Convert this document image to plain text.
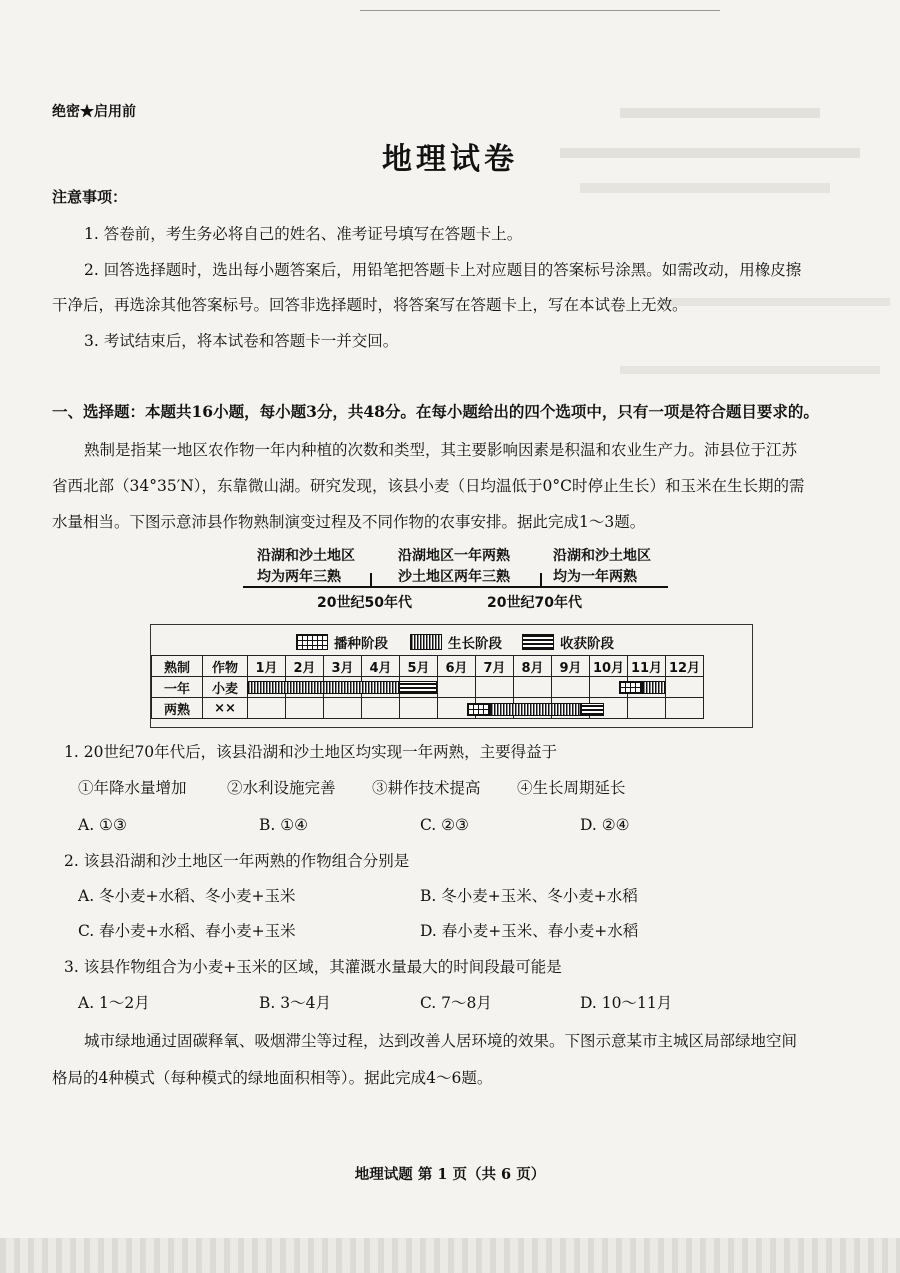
绝密★启用前
地理试卷
注意事项：
1. 答卷前，考生务必将自己的姓名、准考证号填写在答题卡上。
2. 回答选择题时，选出每小题答案后，用铅笔把答题卡上对应题目的答案标号涂黑。如需改动，用橡皮擦
干净后，再选涂其他答案标号。回答非选择题时，将答案写在答题卡上，写在本试卷上无效。
3. 考试结束后，将本试卷和答题卡一并交回。
一、选择题：本题共16小题，每小题3分，共48分。在每小题给出的四个选项中，只有一项是符合题目要求的。
熟制是指某一地区农作物一年内种植的次数和类型，其主要影响因素是积温和农业生产力。沛县位于江苏
省西北部（34°35′N），东靠微山湖。研究发现，该县小麦（日均温低于0°C时停止生长）和玉米在生长期的需
水量相当。下图示意沛县作物熟制演变过程及不同作物的农事安排。据此完成1～3题。
沿湖和沙土地区
均为两年三熟
沿湖地区一年两熟
沙土地区两年三熟
沿湖和沙土地区
均为一年两熟
20世纪50年代	20世纪70年代
播种阶段	生长阶段	收获阶段
熟制	作物	1月	2月	3月	4月	5月	6月	7月	8月	9月	10月	11月	12月
一年	小麦												
两熟	××												
1. 20世纪70年代后，该县沿湖和沙土地区均实现一年两熟，主要得益于
①年降水量增加	②水利设施完善 ③耕作技术提高 ④生长周期延长
A. ①③	B. ①④	C. ②③	D. ②④
2. 该县沿湖和沙土地区一年两熟的作物组合分别是
A. 冬小麦+水稻、冬小麦+玉米	B. 冬小麦+玉米、冬小麦+水稻
C. 春小麦+水稻、春小麦+玉米	D. 春小麦+玉米、春小麦+水稻
3. 该县作物组合为小麦+玉米的区域，其灌溉水量最大的时间段最可能是
A. 1～2月	B. 3～4月	C. 7～8月	D. 10～11月
城市绿地通过固碳释氧、吸烟滞尘等过程，达到改善人居环境的效果。下图示意某市主城区局部绿地空间
格局的4种模式（每种模式的绿地面积相等）。据此完成4～6题。
地理试题 第 1 页（共 6 页）
